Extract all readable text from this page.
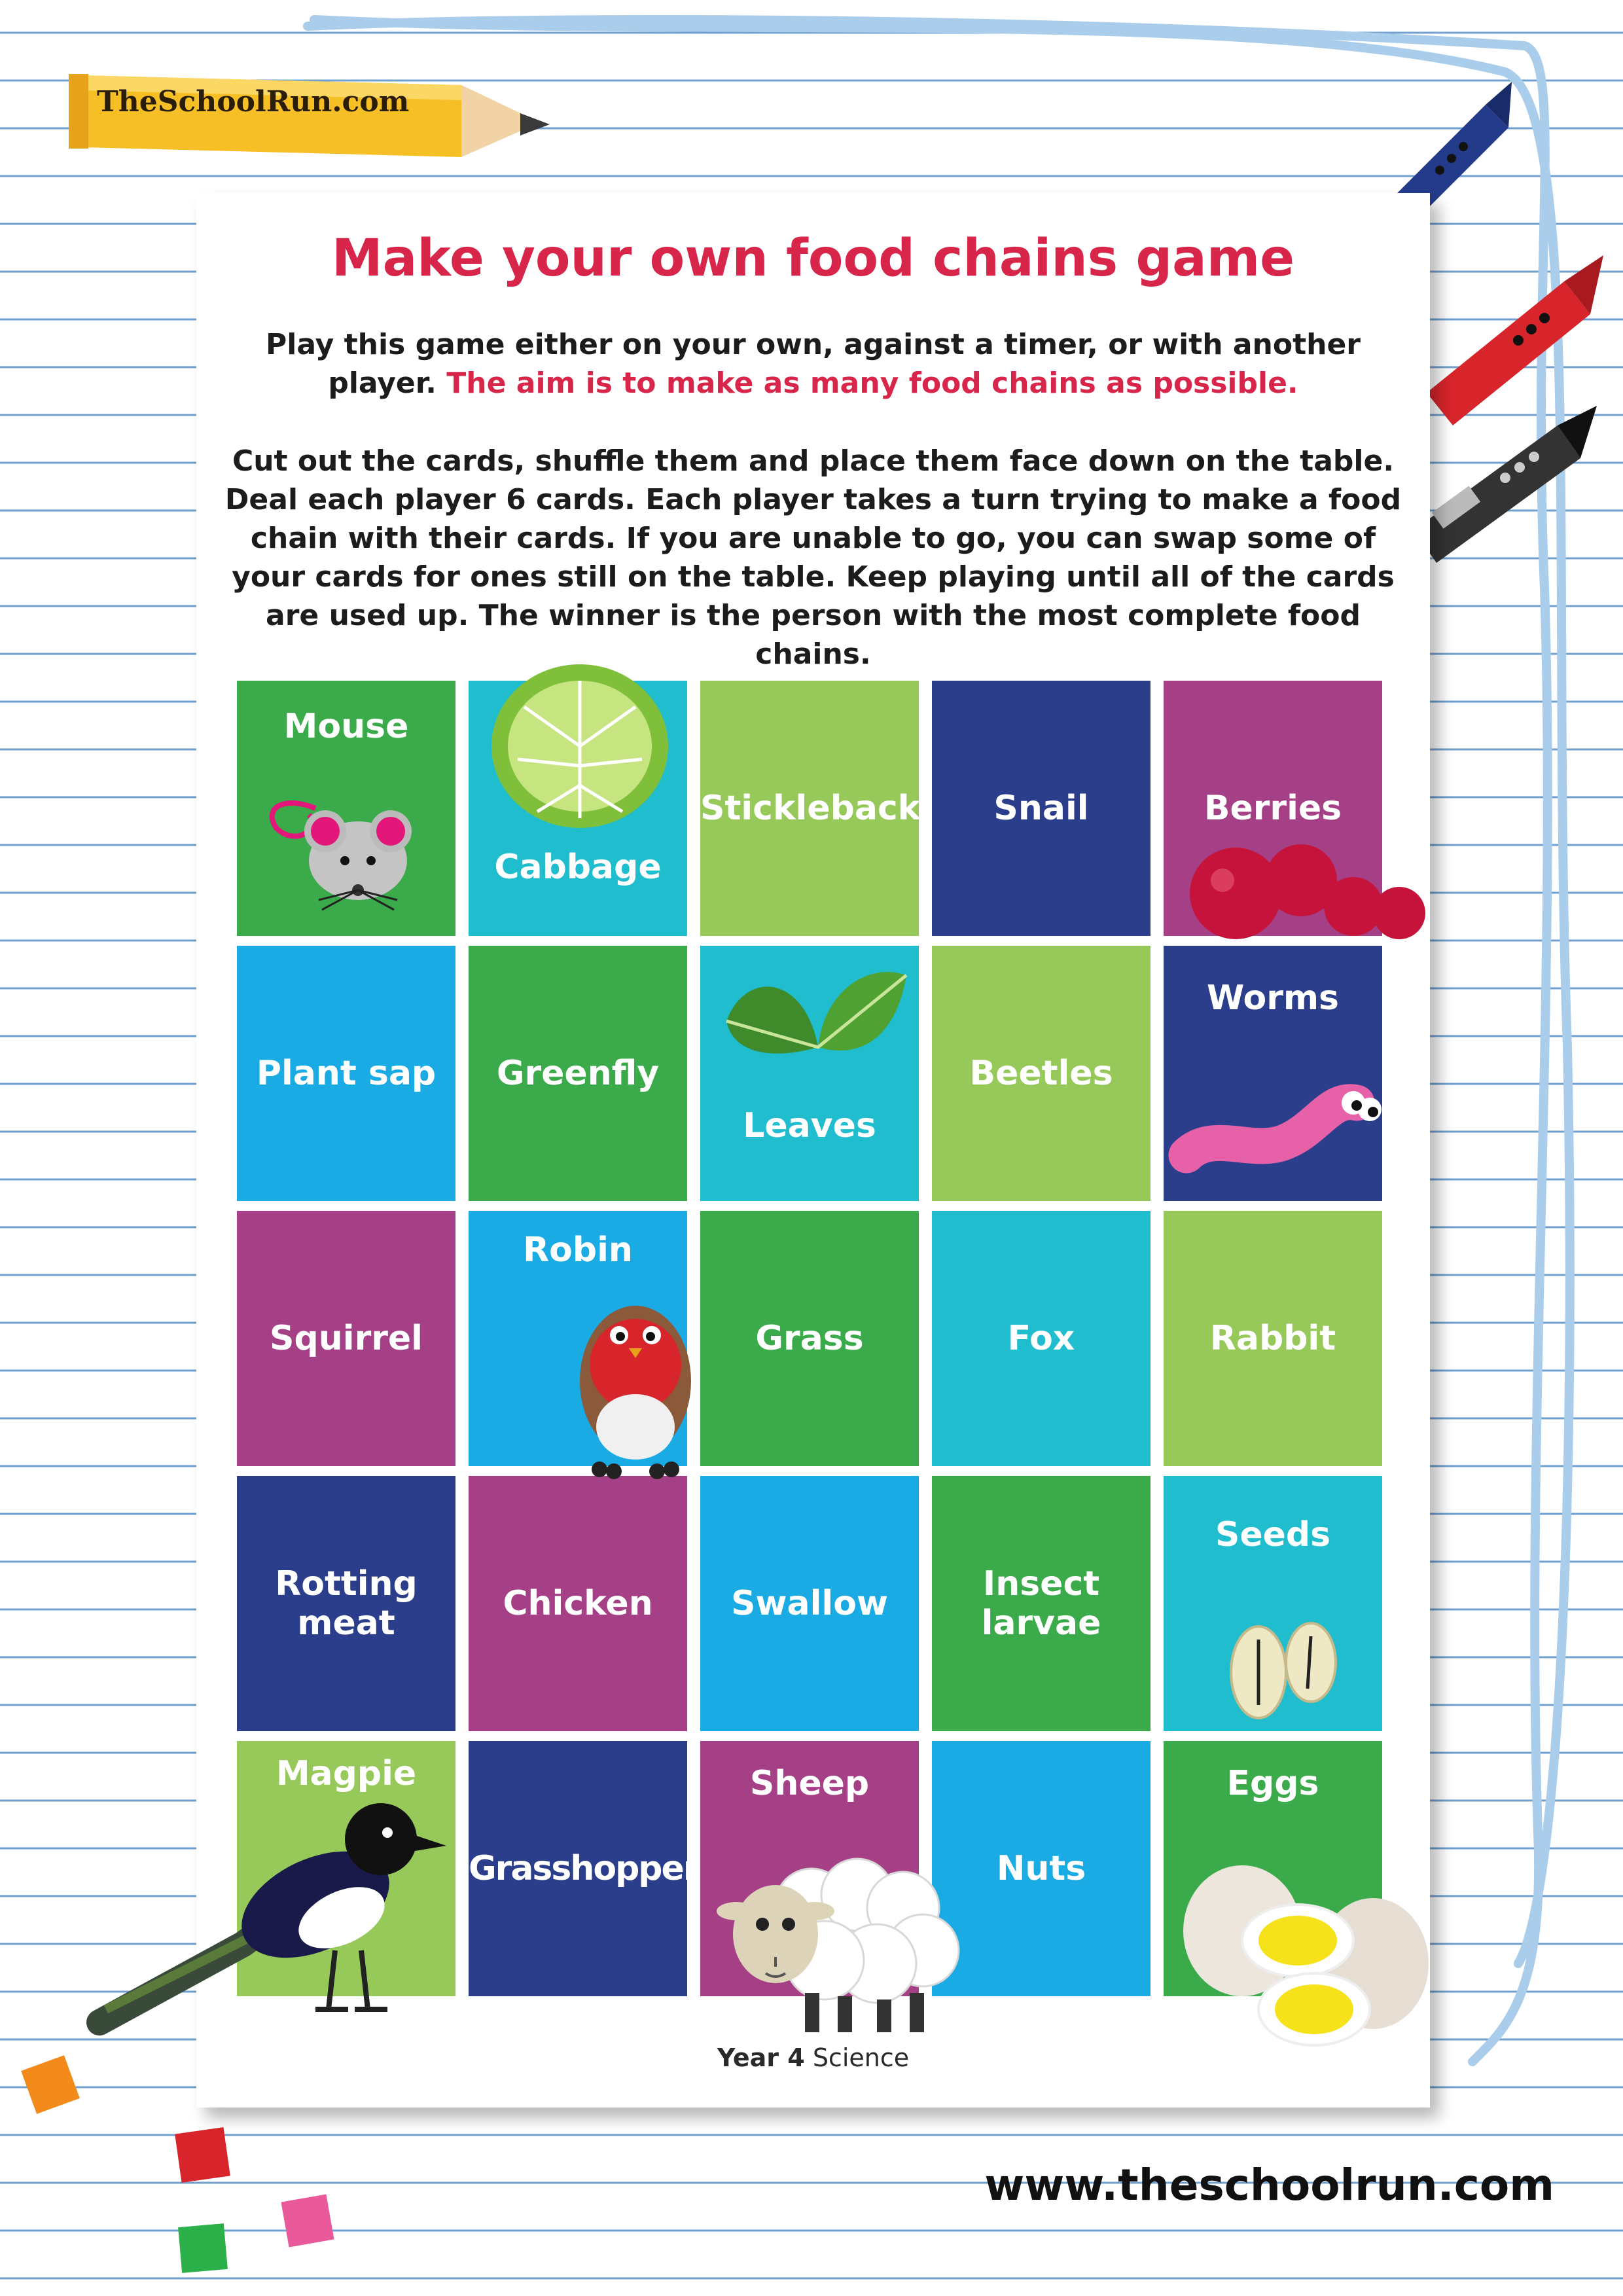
TheSchoolRun.com
Make your own food chains game

Play this game either on your own, against a timer, or with another player. The aim is to make as many food chains as possible.

Cut out the cards, shuffle them and place them face down on the table. Deal each player 6 cards. Each player takes a turn trying to make a food chain with their cards. If you are unable to go, you can swap some of your cards for ones still on the table. Keep playing until all of the cards are used up. The winner is the person with the most complete food chains.

Mouse
Cabbage
Stickleback	Snail	Berries
Plant sap	Greenfly
Leaves
Beetles
Worms
Squirrel
Robin
Grass	Fox	Rabbit
Rotting
meat	Chicken	Swallow	Insect
larvae
Seeds
Magpie
Grasshopper
Sheep
Nuts
Eggs
Year 4 Science
www.theschoolrun.com
